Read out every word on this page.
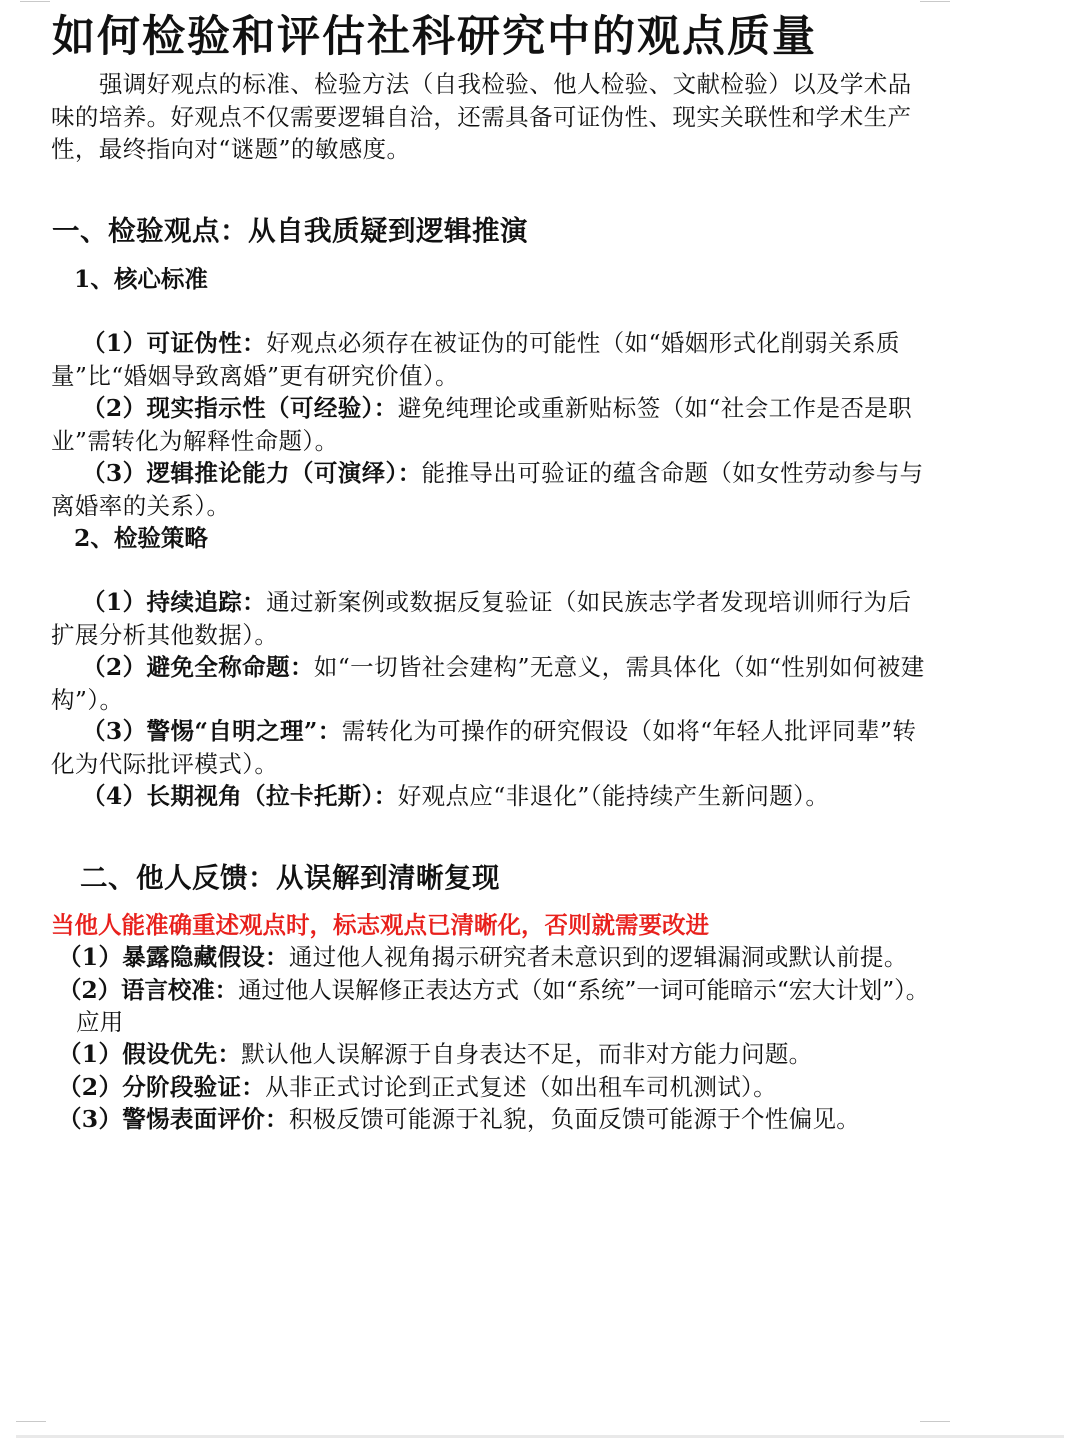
如何检验和评估社科研究中的观点质量
强调好观点的标准、检验方法（自我检验、他人检验、文献检验）以及学术品味的培养。好观点不仅需要逻辑自洽，还需具备可证伪性、现实关联性和学术生产性，最终指向对“谜题”的敏感度。
一、检验观点：从自我质疑到逻辑推演
1、核心标准
（1）可证伪性：好观点必须存在被证伪的可能性（如“婚姻形式化削弱关系质量”比“婚姻导致离婚”更有研究价值）。
（2）现实指示性（可经验）：避免纯理论或重新贴标签（如“社会工作是否是职业”需转化为解释性命题）。
（3）逻辑推论能力（可演绎）：能推导出可验证的蕴含命题（如女性劳动参与与离婚率的关系）。
2、检验策略
（1）持续追踪：通过新案例或数据反复验证（如民族志学者发现培训师行为后扩展分析其他数据）。
（2）避免全称命题：如“一切皆社会建构”无意义，需具体化（如“性别如何被建构”）。
（3）警惕“自明之理”：需转化为可操作的研究假设（如将“年轻人批评同辈”转化为代际批评模式）。
（4）长期视角（拉卡托斯）：好观点应“非退化”（能持续产生新问题）。
二、他人反馈：从误解到清晰复现
当他人能准确重述观点时，标志观点已清晰化，否则就需要改进
（1）暴露隐藏假设：通过他人视角揭示研究者未意识到的逻辑漏洞或默认前提。
（2）语言校准：通过他人误解修正表达方式（如“系统”一词可能暗示“宏大计划”）。
应用
（1）假设优先：默认他人误解源于自身表达不足，而非对方能力问题。
（2）分阶段验证：从非正式讨论到正式复述（如出租车司机测试）。
（3）警惕表面评价：积极反馈可能源于礼貌，负面反馈可能源于个性偏见。
